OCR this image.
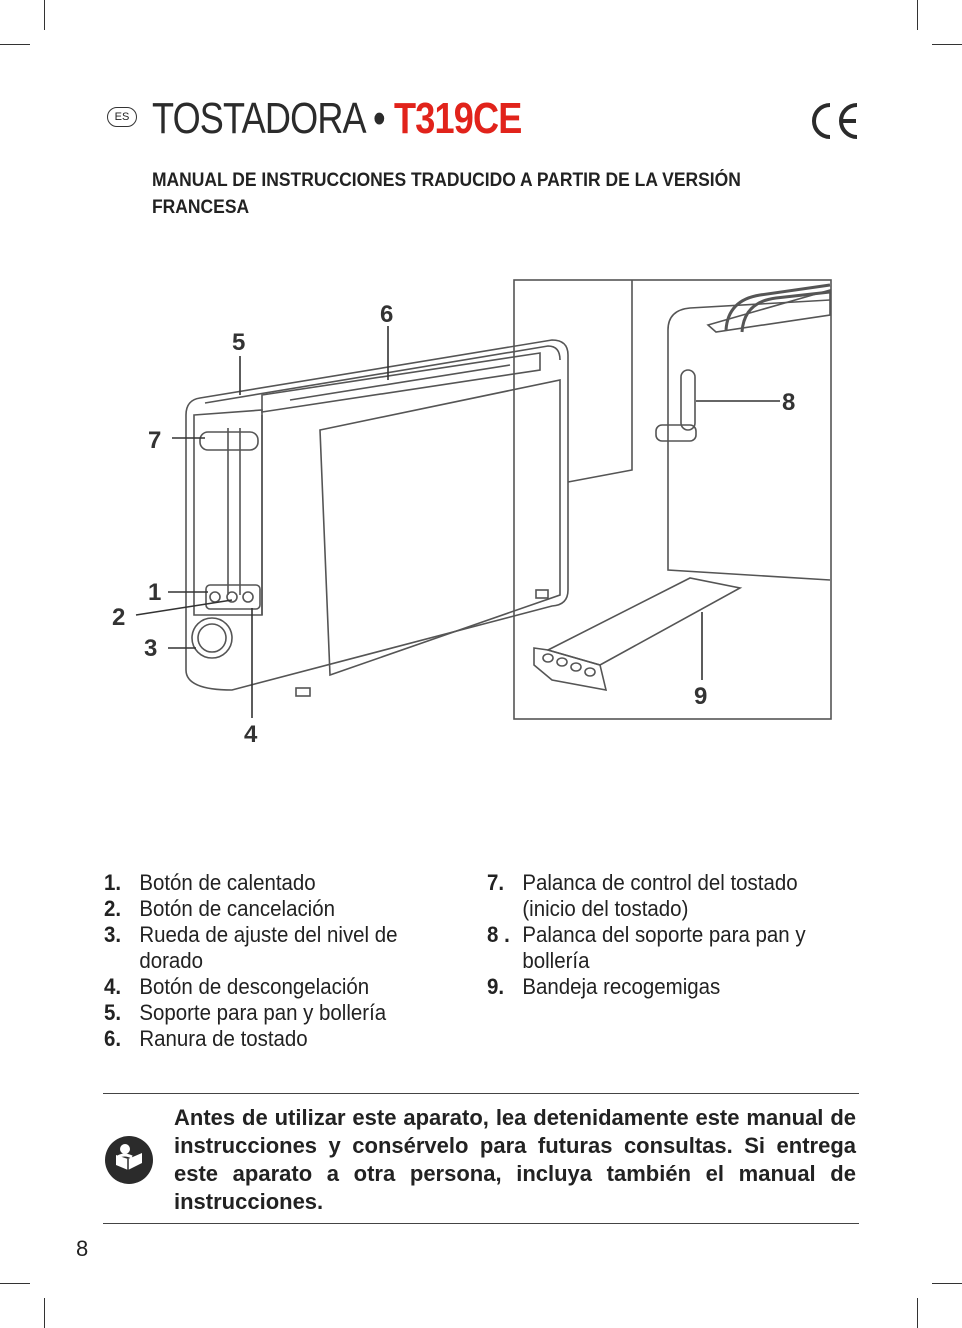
ES TOSTADORA • T319CE
MANUAL DE INSTRUCCIONES TRADUCIDO A PARTIR DE LA VERSIÓN FRANCESA
1
2
3
4
5
6
7
8
9
1. Botón de calentado
2. Botón de cancelación
3. Rueda de ajuste del nivel de dorado
4. Botón de descongelación
5. Soporte para pan y bollería
6. Ranura de tostado
7. Palanca de control del tostado (inicio del tostado)
8 . Palanca del soporte para pan y bollería
9. Bandeja recogemigas
Antes de utilizar este aparato, lea detenidamente este manual de instrucciones y consérvelo para futuras consultas. Si entrega este aparato a otra persona, incluya también el manual de instrucciones.
8
